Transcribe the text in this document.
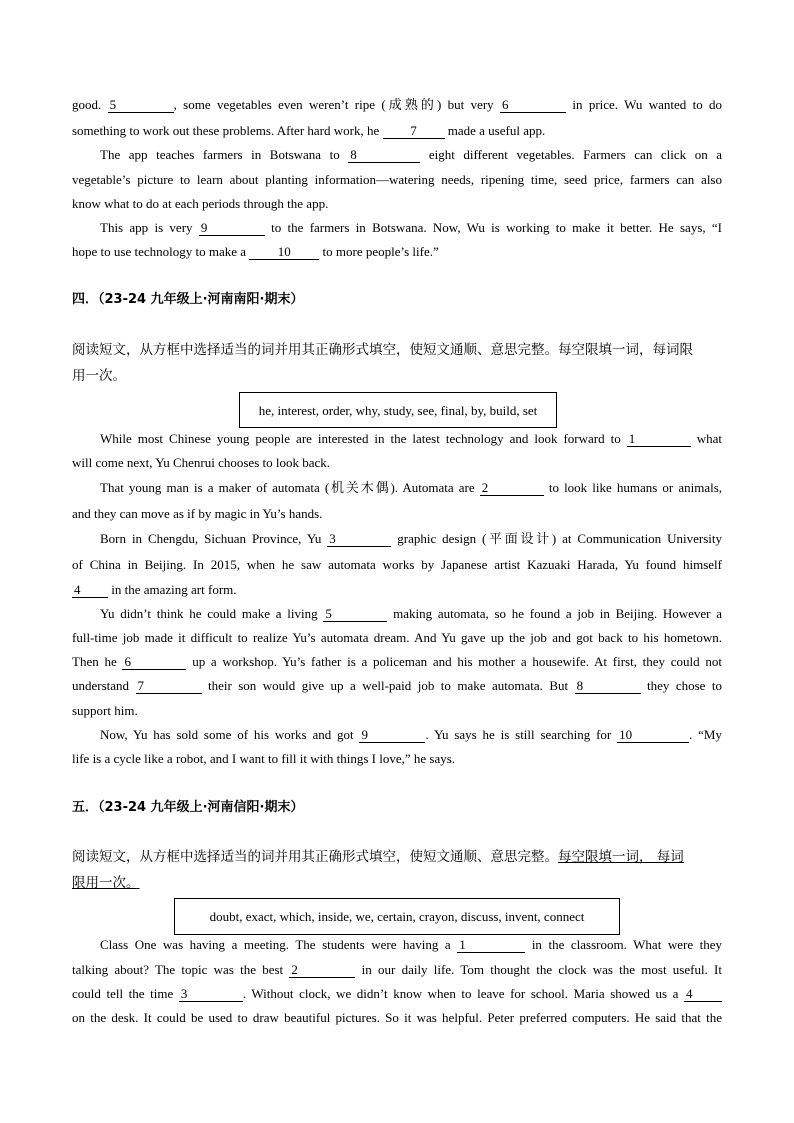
good. 5	, some vegetables even weren’t ripe (成熟的) but very 6	in price. Wu wanted to do
something to work out these problems. After hard work, he 7 made a useful app.
The app teaches farmers in Botswana to 8	eight different vegetables. Farmers can click on a
vegetable’s picture to learn about planting information—watering needs, ripening time, seed price, farmers can also
know what to do at each periods through the app.
This app is very 9	to the farmers in Botswana. Now, Wu is working to make it better. He says, “I
hope to use technology to make a 10 to more people’s life.”
四．（23-24 九年级上·河南南阳·期末）
阅读短文，从方框中选择适当的词并用其正确形式填空，使短文通顺、意思完整。每空限填一词，每词限
用一次。
he, interest, order, why, study, see, final, by, build, set
While most Chinese young people are interested in the latest technology and look forward to 1	what
will come next, Yu Chenrui chooses to look back.
That young man is a maker of automata (机关木偶). Automata are 2	to look like humans or animals,
and they can move as if by magic in Yu’s hands.
Born in Chengdu, Sichuan Province, Yu 3	graphic design (平面设计) at Communication University
of China in Beijing. In 2015, when he saw automata works by Japanese artist Kazuaki Harada, Yu found himself
4 in the amazing art form.
Yu didn’t think he could make a living 5	making automata, so he found a job in Beijing. However a
full-time job made it difficult to realize Yu’s automata dream. And Yu gave up the job and got back to his hometown.
Then he 6	up a workshop. Yu’s father is a policeman and his mother a housewife. At first, they could not
understand 7	their son would give up a well-paid job to make automata. But 8	they chose to
support him.
Now, Yu has sold some of his works and got 9	. Yu says he is still searching for 10	. “My
life is a cycle like a robot, and I want to fill it with things I love,” he says.
五．（23-24 九年级上·河南信阳·期末）
阅读短文，从方框中选择适当的词并用其正确形式填空，使短文通顺、意思完整。每空限填一词， 每词
限用一次。
doubt, exact, which, inside, we, certain, crayon, discuss, invent, connect
Class One was having a meeting. The students were having a 1	in the classroom. What were they
talking about? The topic was the best 2	in our daily life. Tom thought the clock was the most useful. It
could tell the time 3	. Without clock, we didn’t know when to leave for school. Maria showed us a 4
on the desk. It could be used to draw beautiful pictures. So it was helpful. Peter preferred computers. He said that the
